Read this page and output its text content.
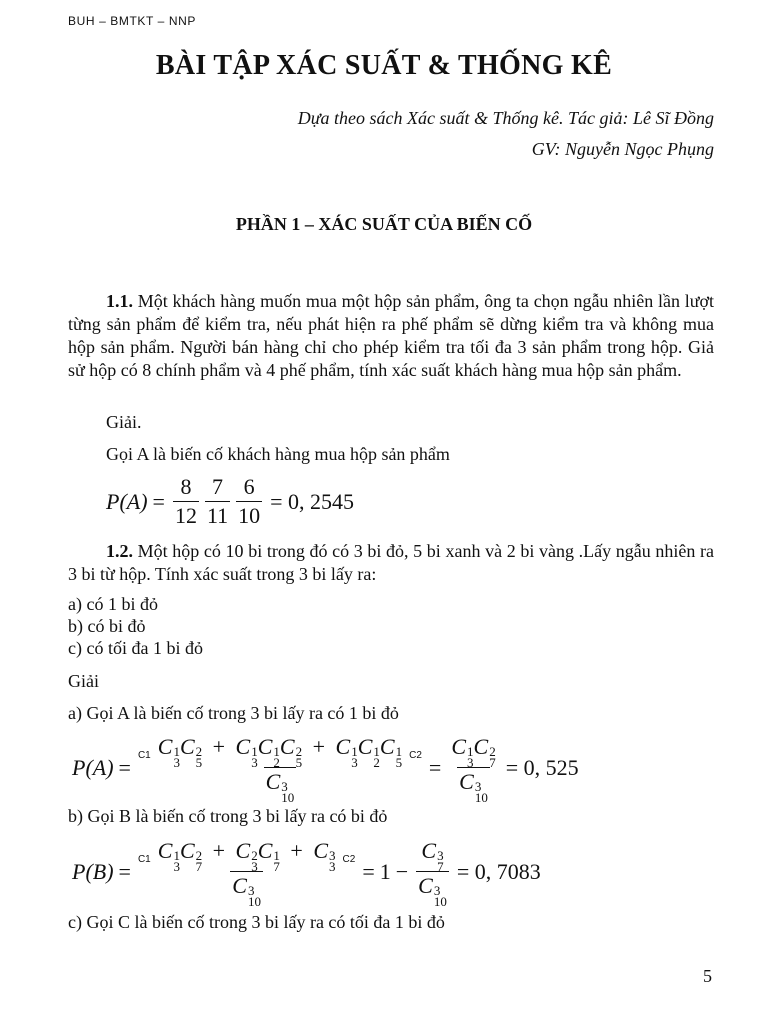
BUH – BMTKT – NNP
BÀI TẬP XÁC SUẤT & THỐNG KÊ
Dựa theo sách Xác suất & Thống kê. Tác giả: Lê Sĩ Đồng
GV: Nguyễn Ngọc Phụng
PHẦN 1 – XÁC SUẤT CỦA BIẾN CỐ
1.1. Một khách hàng muốn mua một hộp sản phẩm, ông ta chọn ngẫu nhiên lần lượt từng sản phẩm để kiểm tra, nếu phát hiện ra phế phẩm sẽ dừng kiểm tra và không mua hộp sản phẩm. Người bán hàng chỉ cho phép kiểm tra tối đa 3 sản phẩm trong hộp. Giả sử hộp có 8 chính phẩm và 4 phế phẩm, tính xác suất khách hàng mua hộp sản phẩm.
Giải.
Gọi A là biến cố khách hàng mua hộp sản phẩm
$P(A) = \frac{8}{12} \frac{7}{11} \frac{6}{10} = 0$, 2545
1.2. Một hộp có 10 bi trong đó có 3 bi đỏ, 5 bi xanh và 2 bi vàng .Lấy ngẫu nhiên ra 3 bi từ hộp. Tính xác suất trong 3 bi lấy ra:
a) có 1 bi đỏ
b) có bi đỏ
c) có tối đa 1 bi đỏ
Giải
a) Gọi A là biến cố trong 3 bi lấy ra có 1 bi đỏ
P(A) = C1 C 1
3
C 2
5
+ C 1
3
C 1
2
C 2
5
+ C 1
3
C 1
2
C 1
5
C 3
10 C2 = C 1
3
C 2
7
C 3
10 = 0, 525
b) Gọi B là biến cố trong 3 bi lấy ra có bi đỏ
P(B) = C1 C 1
3
C 2
7
+ C 2
3
C 1
7
+ C 3
3
C 3
10 C2 = 1 − C 3
7
C 3
10 = 0, 7083
c) Gọi C là biến cố trong 3 bi lấy ra có tối đa 1 bi đỏ
5
